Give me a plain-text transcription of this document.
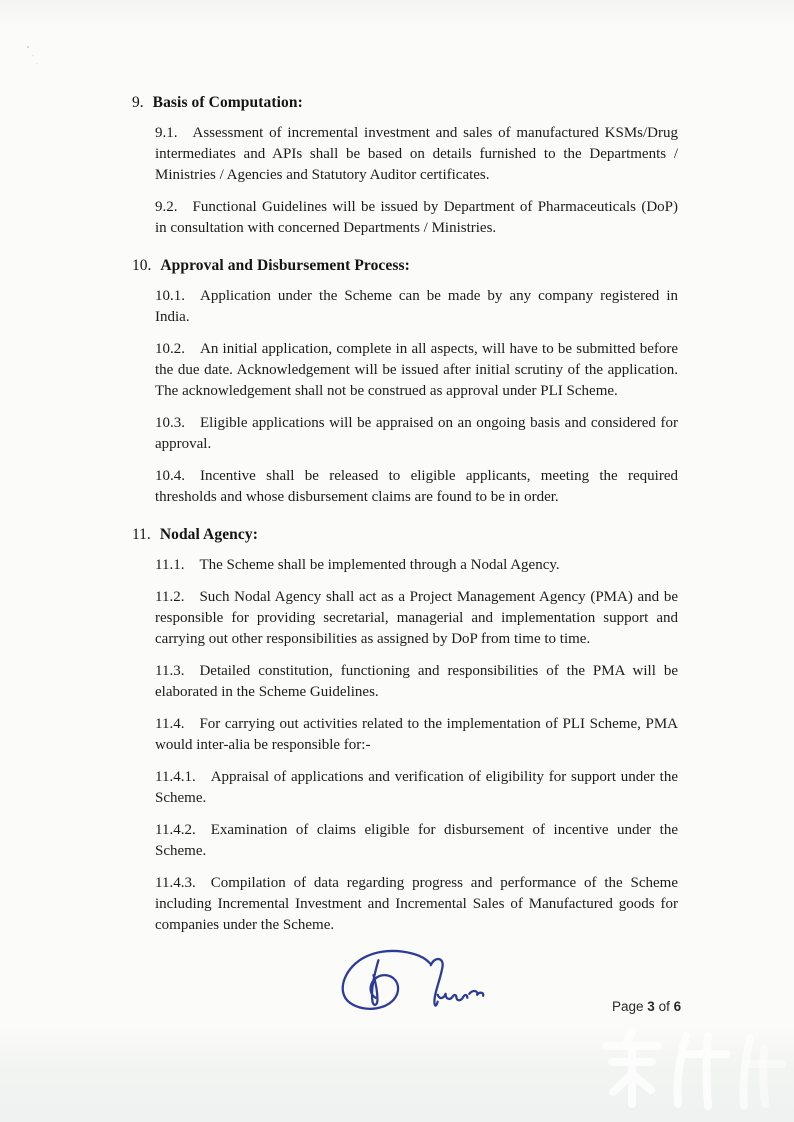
9. Basis of Computation:

9.1. Assessment of incremental investment and sales of manufactured KSMs/Drug intermediates and APIs shall be based on details furnished to the Departments / Ministries / Agencies and Statutory Auditor certificates.

9.2. Functional Guidelines will be issued by Department of Pharmaceuticals (DoP) in consultation with concerned Departments / Ministries.

10. Approval and Disbursement Process:

10.1. Application under the Scheme can be made by any company registered in India.

10.2. An initial application, complete in all aspects, will have to be submitted before the due date. Acknowledgement will be issued after initial scrutiny of the application. The acknowledgement shall not be construed as approval under PLI Scheme.

10.3. Eligible applications will be appraised on an ongoing basis and considered for approval.

10.4. Incentive shall be released to eligible applicants, meeting the required thresholds and whose disbursement claims are found to be in order.

11. Nodal Agency:

11.1. The Scheme shall be implemented through a Nodal Agency.

11.2. Such Nodal Agency shall act as a Project Management Agency (PMA) and be responsible for providing secretarial, managerial and implementation support and carrying out other responsibilities as assigned by DoP from time to time.

11.3. Detailed constitution, functioning and responsibilities of the PMA will be elaborated in the Scheme Guidelines.

11.4. For carrying out activities related to the implementation of PLI Scheme, PMA would inter-alia be responsible for:-

11.4.1. Appraisal of applications and verification of eligibility for support under the Scheme.

11.4.2. Examination of claims eligible for disbursement of incentive under the Scheme.

11.4.3. Compilation of data regarding progress and performance of the Scheme including Incremental Investment and Incremental Sales of Manufactured goods for companies under the Scheme.

Page 3 of 6
